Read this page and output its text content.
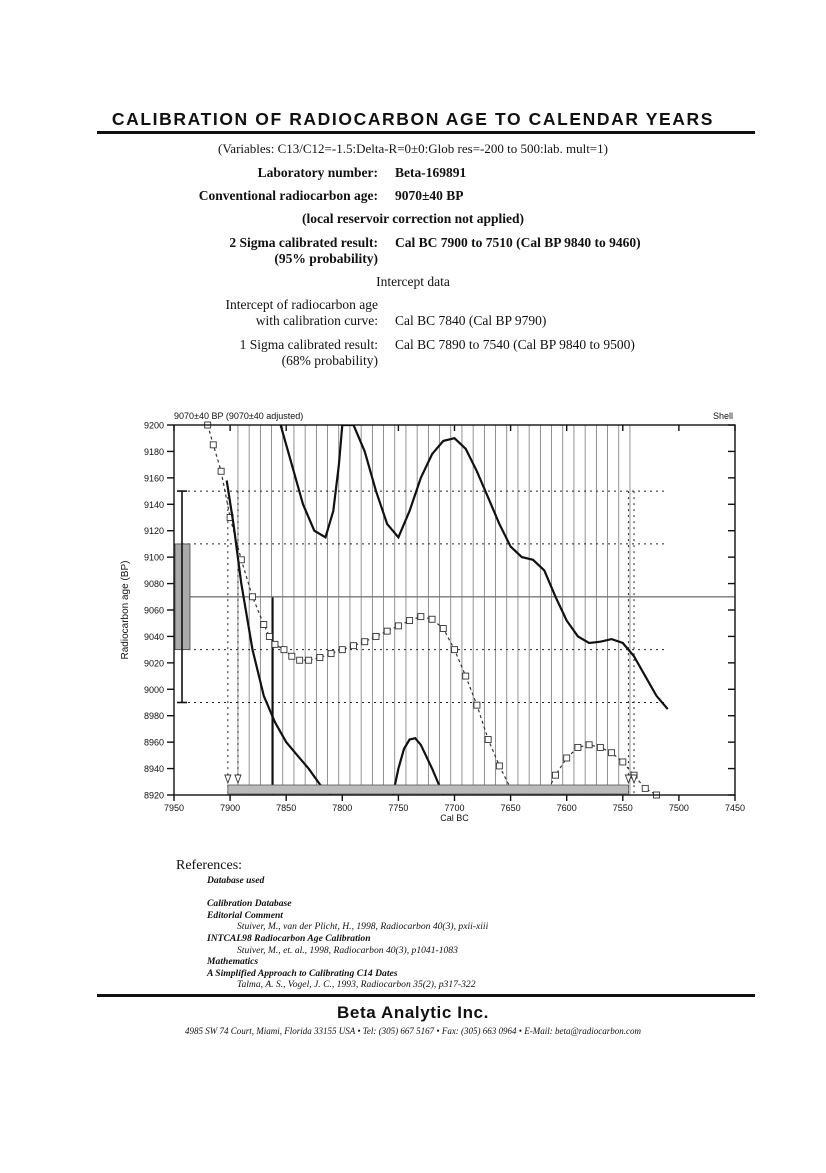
CALIBRATION OF RADIOCARBON AGE TO CALENDAR YEARS
(Variables: C13/C12=-1.5:Delta-R=0±0:Glob res=-200 to 500:lab. mult=1)
Laboratory number: Beta-169891
Conventional radiocarbon age: 9070±40 BP
(local reservoir correction not applied)
2 Sigma calibrated result:
(95% probability)
Cal BC 7900 to 7510 (Cal BP 9840 to 9460)
Intercept data
Intercept of radiocarbon age
with calibration curve: Cal BC 7840 (Cal BP 9790)
1 Sigma calibrated result:
(68% probability)
Cal BC 7890 to 7540 (Cal BP 9840 to 9500)
8920
8940
8960
8980
9000
9020
9040
9060
9080
9100
9120
9140
9160
9180
9200
7950	7900	7850	7800	7750	7700	7650	7600	7550	7500	7450
9070±40 BP (9070±40 adjusted)	Shell
Cal BC
Radiocarbon age (BP)
References:
Database used
Calibration Database
Editorial Comment
Stuiver, M., van der Plicht, H., 1998, Radiocarbon 40(3), pxii-xiii
INTCAL98 Radiocarbon Age Calibration
Stuiver, M., et. al., 1998, Radiocarbon 40(3), p1041-1083
Mathematics
A Simplified Approach to Calibrating C14 Dates
Talma, A. S., Vogel, J. C., 1993, Radiocarbon 35(2), p317-322
Beta Analytic Inc.
4985 SW 74 Court, Miami, Florida 33155 USA • Tel: (305) 667 5167 • Fax: (305) 663 0964 • E-Mail: beta@radiocarbon.com
